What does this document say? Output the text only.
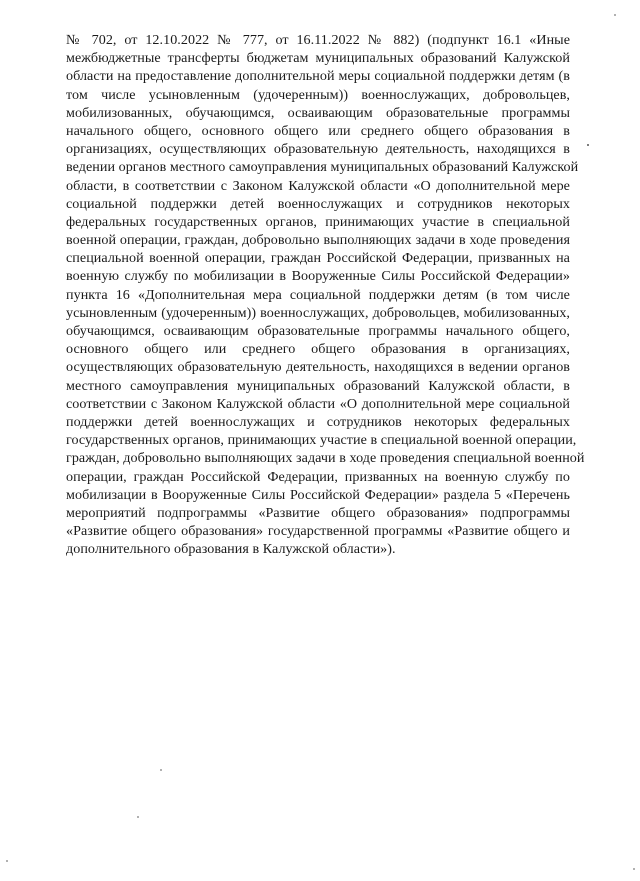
№ 702, от 12.10.2022 № 777, от 16.11.2022 № 882) (подпункт 16.1 «Иные
межбюджетные трансферты бюджетам муниципальных образований Калужской
области на предоставление дополнительной меры социальной поддержки детям (в
том числе усыновленным (удочеренным)) военнослужащих, добровольцев,
мобилизованных, обучающимся, осваивающим образовательные программы
начального общего, основного общего или среднего общего образования в
организациях, осуществляющих образовательную деятельность, находящихся в
ведении органов местного самоуправления муниципальных образований Калужской
области, в соответствии с Законом Калужской области «О дополнительной мере
социальной поддержки детей военнослужащих и сотрудников некоторых
федеральных государственных органов, принимающих участие в специальной
военной операции, граждан, добровольно выполняющих задачи в ходе проведения
специальной военной операции, граждан Российской Федерации, призванных на
военную службу по мобилизации в Вооруженные Силы Российской Федерации»
пункта 16 «Дополнительная мера социальной поддержки детям (в том числе
усыновленным (удочеренным)) военнослужащих, добровольцев, мобилизованных,
обучающимся, осваивающим образовательные программы начального общего,
основного общего или среднего общего образования в организациях,
осуществляющих образовательную деятельность, находящихся в ведении органов
местного самоуправления муниципальных образований Калужской области, в
соответствии с Законом Калужской области «О дополнительной мере социальной
поддержки детей военнослужащих и сотрудников некоторых федеральных
государственных органов, принимающих участие в специальной военной операции,
граждан, добровольно выполняющих задачи в ходе проведения специальной военной
операции, граждан Российской Федерации, призванных на военную службу по
мобилизации в Вооруженные Силы Российской Федерации» раздела 5 «Перечень
мероприятий подпрограммы «Развитие общего образования» подпрограммы
«Развитие общего образования» государственной программы «Развитие общего и
дополнительного образования в Калужской области»).
